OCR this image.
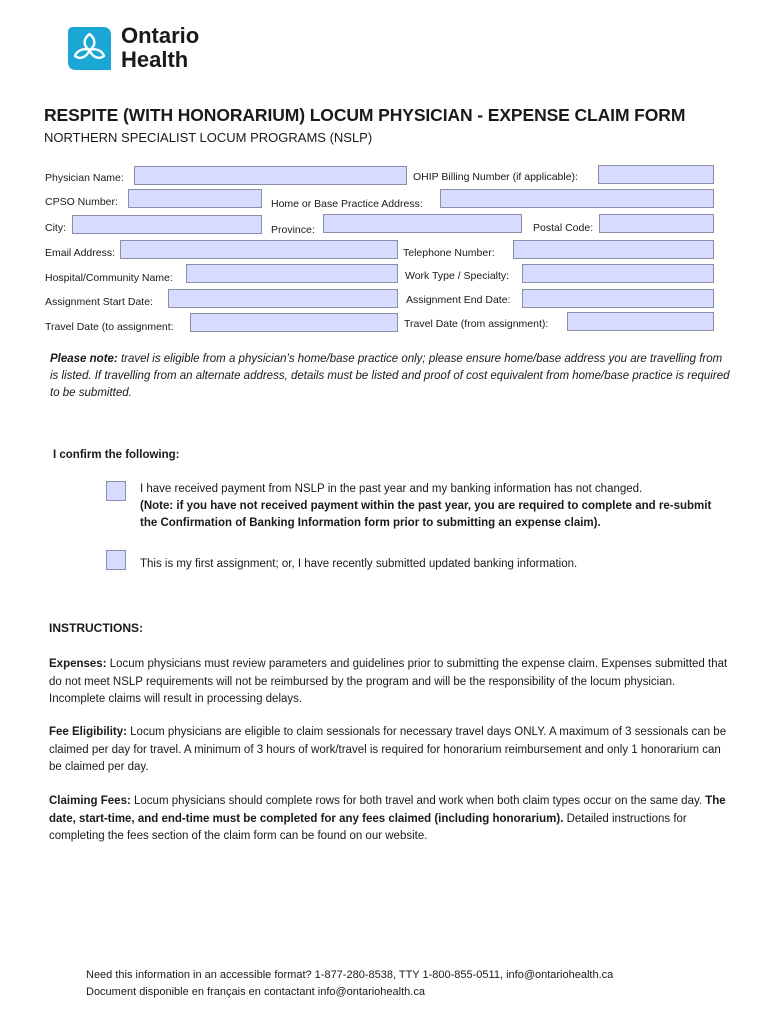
Ontario
Health
RESPITE (WITH HONORARIUM) LOCUM PHYSICIAN - EXPENSE CLAIM FORM
NORTHERN SPECIALIST LOCUM PROGRAMS (NSLP)
Physician Name:	OHIP Billing Number (if applicable):
CPSO Number:	Home or Base Practice Address:
City:	Province:	Postal Code:
Email Address:	Telephone Number:
Hospital/Community Name:	Work Type / Specialty:
Assignment Start Date:	Assignment End Date:
Travel Date (to assignment:	Travel Date (from assignment):
Please note: travel is eligible from a physician’s home/base practice only; please ensure home/base address you are travelling from is listed. If travelling from an alternate address, details must be listed and proof of cost equivalent from home/base practice is required to be submitted.
I confirm the following:
I have received payment from NSLP in the past year and my banking information has not changed.
(Note: if you have not received payment within the past year, you are required to complete and re-submit the Confirmation of Banking Information form prior to submitting an expense claim).
This is my first assignment; or, I have recently submitted updated banking information.
INSTRUCTIONS:
Expenses: Locum physicians must review parameters and guidelines prior to submitting the expense claim. Expenses submitted that do not meet NSLP requirements will not be reimbursed by the program and will be the responsibility of the locum physician. Incomplete claims will result in processing delays.
Fee Eligibility: Locum physicians are eligible to claim sessionals for necessary travel days ONLY. A maximum of 3 sessionals can be claimed per day for travel. A minimum of 3 hours of work/travel is required for honorarium reimbursement and only 1 honorarium can be claimed per day.
Claiming Fees: Locum physicians should complete rows for both travel and work when both claim types occur on the same day. The date, start-time, and end-time must be completed for any fees claimed (including honorarium). Detailed instructions for completing the fees section of the claim form can be found on our website.
Need this information in an accessible format? 1-877-280-8538, TTY 1-800-855-0511, info@ontariohealth.ca
Document disponible en français en contactant info@ontariohealth.ca
